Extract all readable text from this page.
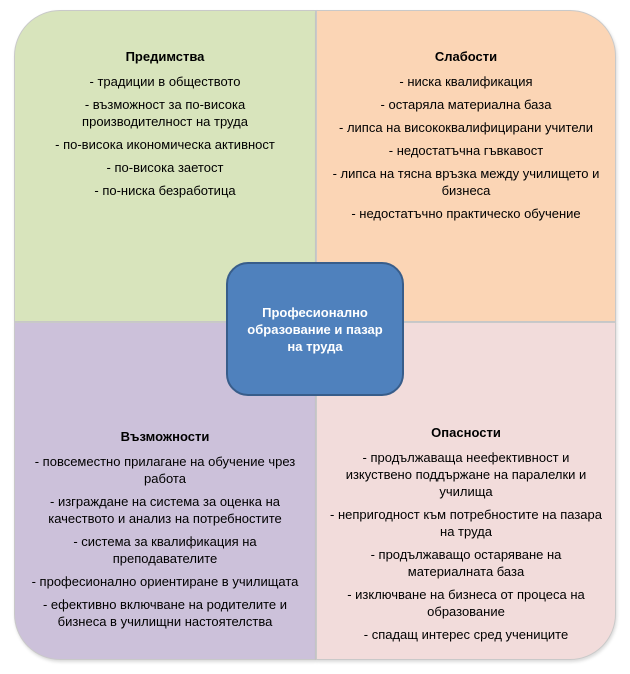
Предимства
- традиции в обществото
- възможност за по-висока производителност на труда
- по-висока икономическа активност
- по-висока заетост
- по-ниска безработица
Слабости
- ниска квалификация
- остаряла материална база
- липса на висококвалифицирани учители
- недостатъчна гъвкавост
- липса на тясна връзка между училището и бизнеса
- недостатъчно практическо обучение
Възможности
- повсеместно прилагане на обучение чрез работа
- изграждане на система за оценка на качеството и анализ на потребностите
- система за квалификация на преподавателите
- професионално ориентиране в училищата
- ефективно включване на родителите и бизнеса в училищни настоятелства
Опасности
- продължаваща неефективност и изкуствено поддържане на паралелки и училища
- непригодност към потребностите на пазара на труда
- продължаващо остаряване на материалната база
- изключване на бизнеса от процеса на образование
- спадащ интерес сред учениците
Професионално образование и пазар на труда
